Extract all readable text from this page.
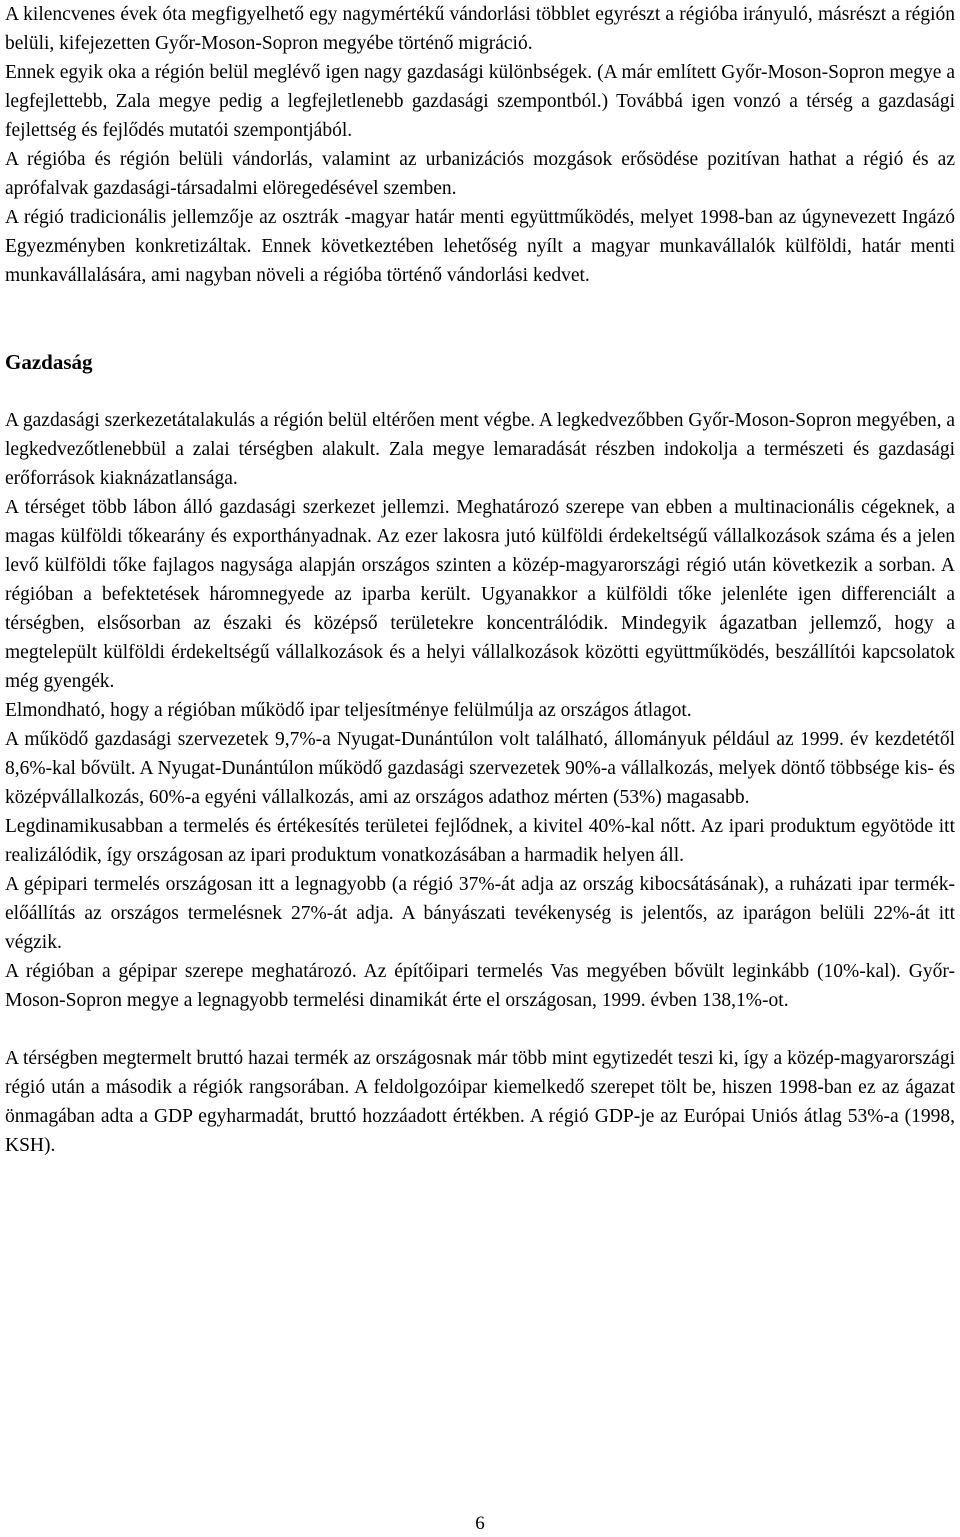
A kilencvenes évek óta megfigyelhető egy nagymértékű vándorlási többlet egyrészt a régióba irányuló, másrészt a régión belüli, kifejezetten Győr-Moson-Sopron megyébe történő migráció.

Ennek egyik oka a régión belül meglévő igen nagy gazdasági különbségek. (A már említett Győr-Moson-Sopron megye a legfejlettebb, Zala megye pedig a legfejletlenebb gazdasági szempontból.) Továbbá igen vonzó a térség a gazdasági fejlettség és fejlődés mutatói szempontjából.

A régióba és régión belüli vándorlás, valamint az urbanizációs mozgások erősödése pozitívan hathat a régió és az aprófalvak gazdasági-társadalmi elöregedésével szemben.

A régió tradicionális jellemzője az osztrák -magyar határ menti együttműködés, melyet 1998-ban az úgynevezett Ingázó Egyezményben konkretizáltak. Ennek következtében lehetőség nyílt a magyar munkavállalók külföldi, határ menti munkavállalására, ami nagyban növeli a régióba történő vándorlási kedvet.

Gazdaság

A gazdasági szerkezetátalakulás a régión belül eltérően ment végbe. A legkedvezőbben Győr-Moson-Sopron megyében, a legkedvezőtlenebbül a zalai térségben alakult. Zala megye lemaradását részben indokolja a természeti és gazdasági erőforrások kiaknázatlansága.

A térséget több lábon álló gazdasági szerkezet jellemzi. Meghatározó szerepe van ebben a multinacionális cégeknek, a magas külföldi tőkearány és exporthányadnak. Az ezer lakosra jutó külföldi érdekeltségű vállalkozások száma és a jelen levő külföldi tőke fajlagos nagysága alapján országos szinten a közép-magyarországi régió után következik a sorban. A régióban a befektetések háromnegyede az iparba került. Ugyanakkor a külföldi tőke jelenléte igen differenciált a térségben, elsősorban az északi és középső területekre koncentrálódik. Mindegyik ágazatban jellemző, hogy a megtelepült külföldi érdekeltségű vállalkozások és a helyi vállalkozások közötti együttműködés, beszállítói kapcsolatok még gyengék.

Elmondható, hogy a régióban működő ipar teljesítménye felülmúlja az országos átlagot.

A működő gazdasági szervezetek 9,7%-a Nyugat-Dunántúlon volt található, állományuk például az 1999. év kezdetétől 8,6%-kal bővült. A Nyugat-Dunántúlon működő gazdasági szervezetek 90%-a vállalkozás, melyek döntő többsége kis- és középvállalkozás, 60%-a egyéni vállalkozás, ami az országos adathoz mérten (53%) magasabb.

Legdinamikusabban a termelés és értékesítés területei fejlődnek, a kivitel 40%-kal nőtt. Az ipari produktum egyötöde itt realizálódik, így országosan az ipari produktum vonatkozásában a harmadik helyen áll.

A gépipari termelés országosan itt a legnagyobb (a régió 37%-át adja az ország kibocsátásának), a ruházati ipar termék-előállítás az országos termelésnek 27%-át adja. A bányászati tevékenység is jelentős, az iparágon belüli 22%-át itt végzik.

A régióban a gépipar szerepe meghatározó. Az építőipari termelés Vas megyében bővült leginkább (10%-kal). Győr-Moson-Sopron megye a legnagyobb termelési dinamikát érte el országosan, 1999. évben 138,1%-ot.

A térségben megtermelt bruttó hazai termék az országosnak már több mint egytizedét teszi ki, így a közép-magyarországi régió után a második a régiók rangsorában. A feldolgozóipar kiemelkedő szerepet tölt be, hiszen 1998-ban ez az ágazat önmagában adta a GDP egyharmadát, bruttó hozzáadott értékben. A régió GDP-je az Európai Uniós átlag 53%-a (1998, KSH).

6
